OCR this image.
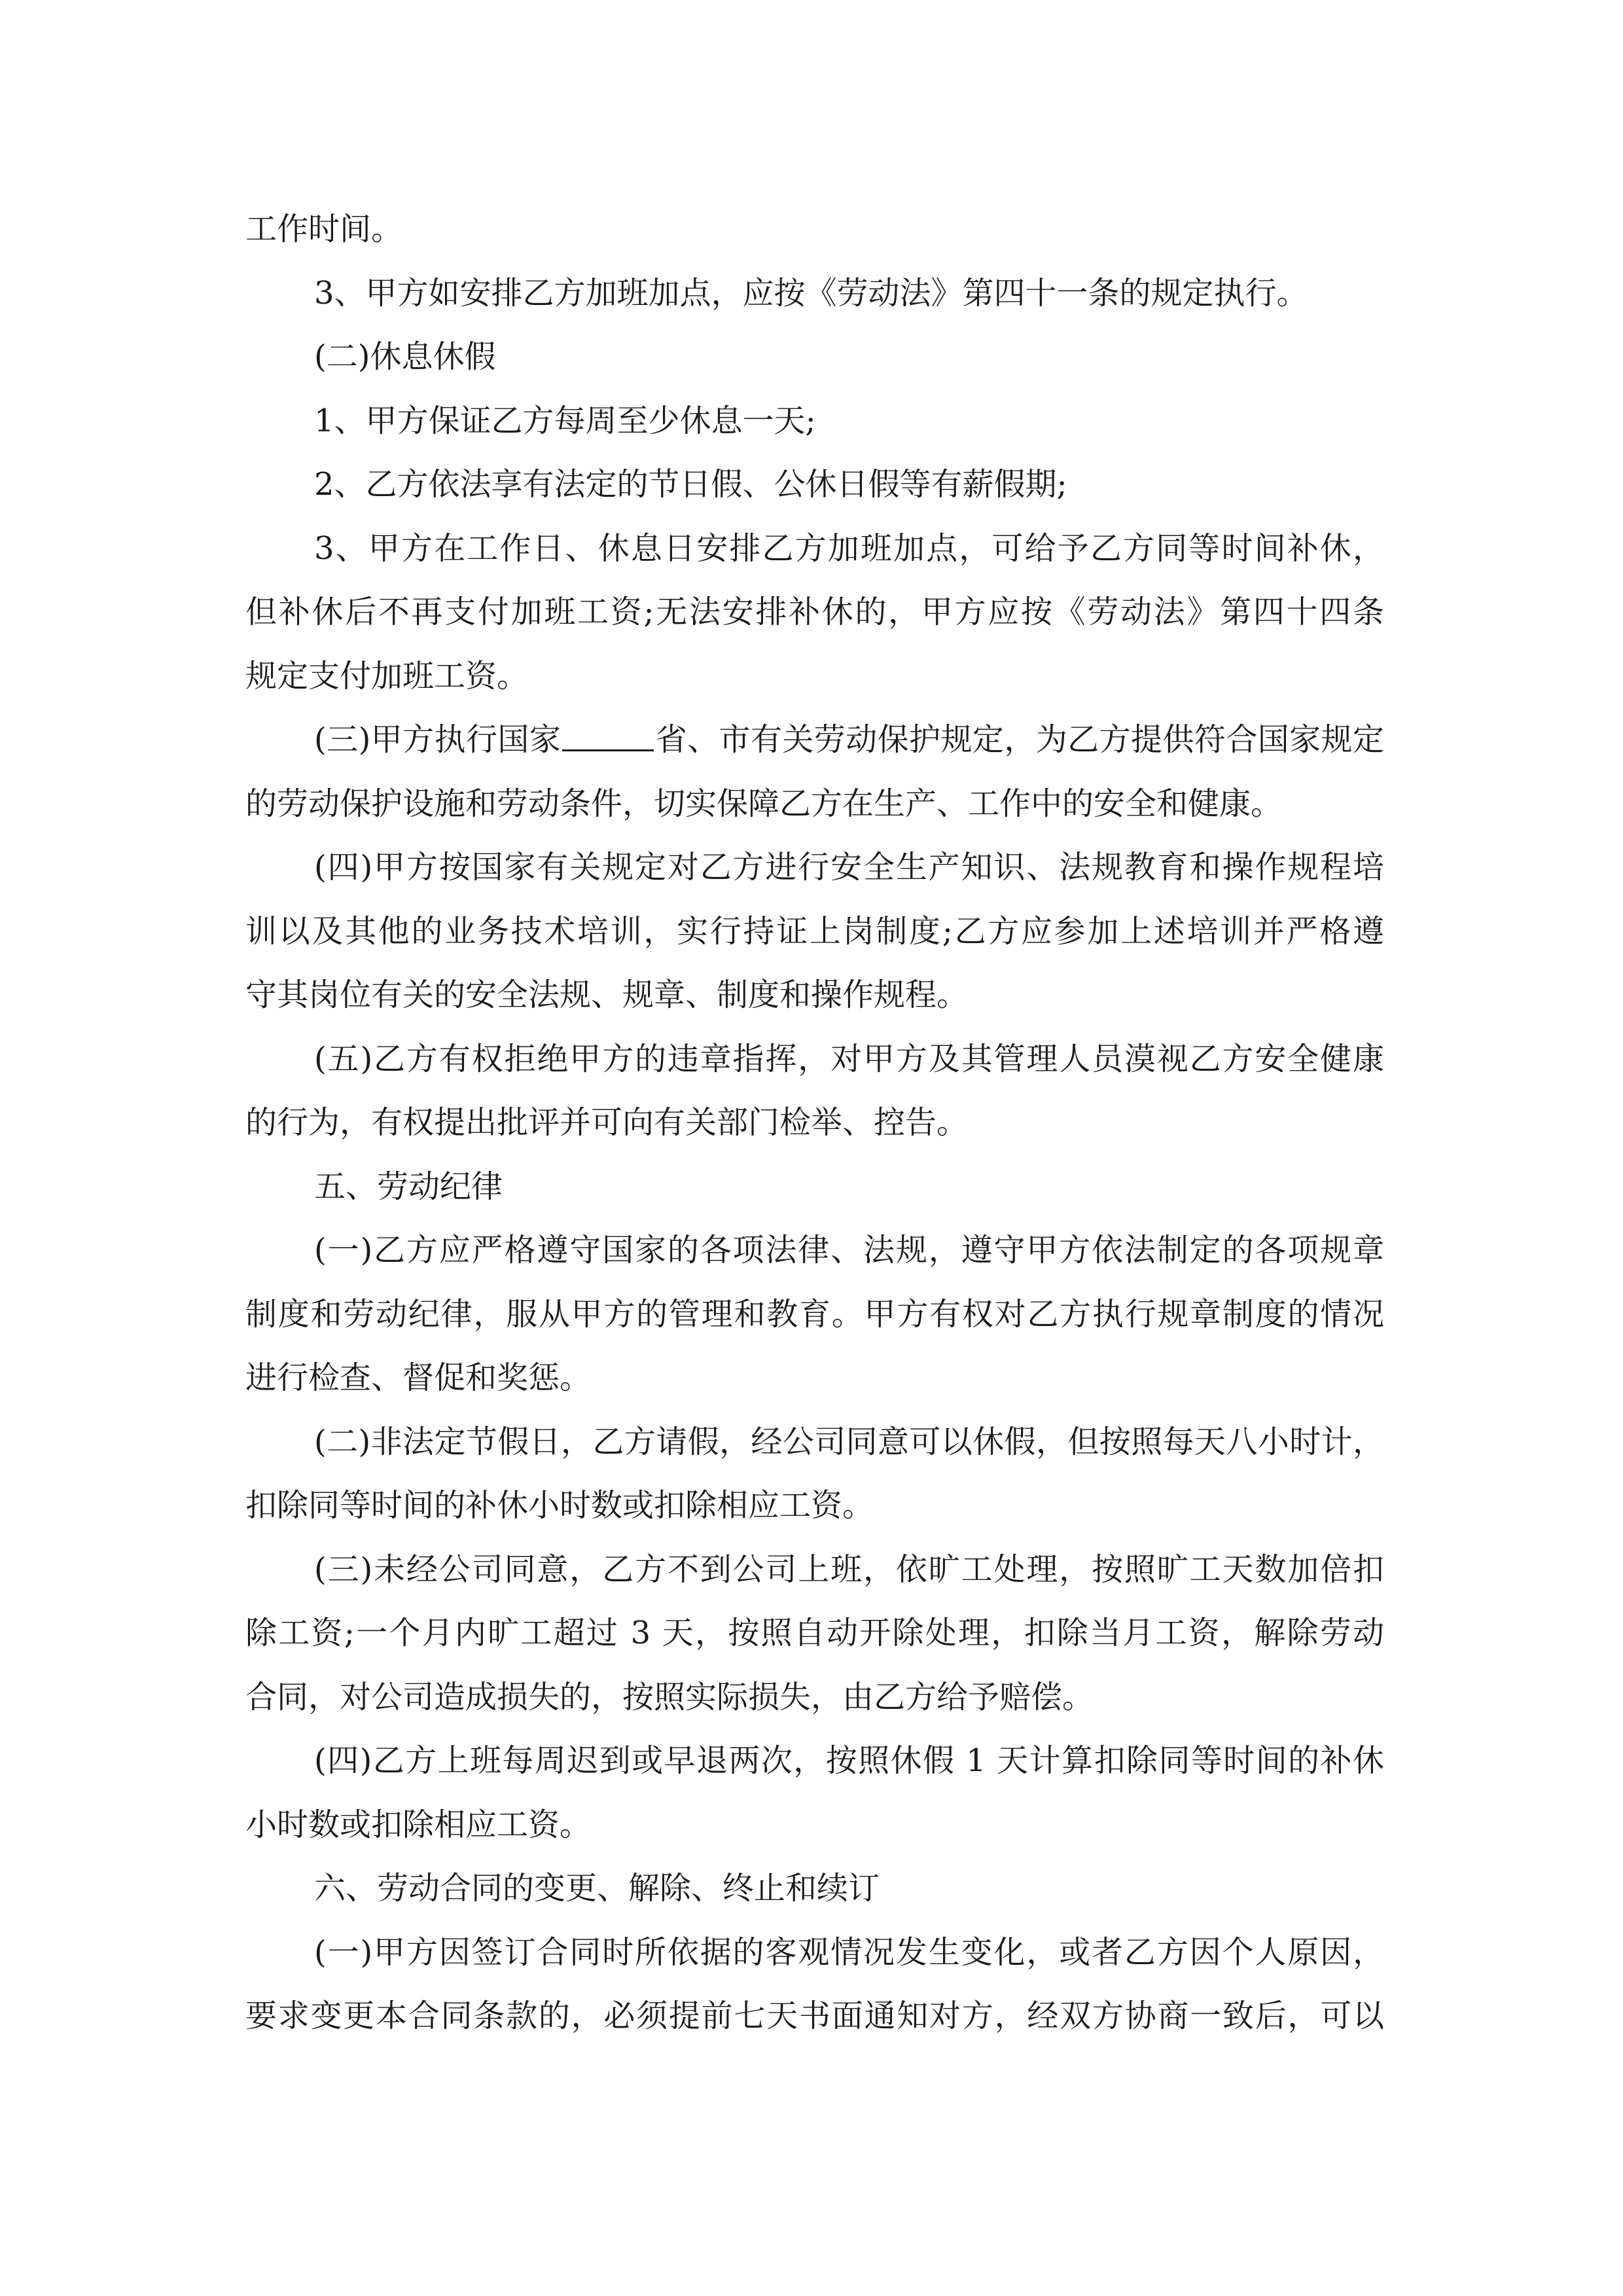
工作时间。
3、甲方如安排乙方加班加点，应按《劳动法》第四十一条的规定执行。
(二)休息休假
1、甲方保证乙方每周至少休息一天;
2、乙方依法享有法定的节日假、公休日假等有薪假期;
3、甲方在工作日、休息日安排乙方加班加点，可给予乙方同等时间补休，
但补休后不再支付加班工资;无法安排补休的，甲方应按《劳动法》第四十四条
规定支付加班工资。
(三)甲方执行国家	省、市有关劳动保护规定，为乙方提供符合国家规定
的劳动保护设施和劳动条件，切实保障乙方在生产、工作中的安全和健康。
(四)甲方按国家有关规定对乙方进行安全生产知识、法规教育和操作规程培
训以及其他的业务技术培训，实行持证上岗制度;乙方应参加上述培训并严格遵
守其岗位有关的安全法规、规章、制度和操作规程。
(五)乙方有权拒绝甲方的违章指挥，对甲方及其管理人员漠视乙方安全健康
的行为，有权提出批评并可向有关部门检举、控告。
五、劳动纪律
(一)乙方应严格遵守国家的各项法律、法规，遵守甲方依法制定的各项规章
制度和劳动纪律，服从甲方的管理和教育。甲方有权对乙方执行规章制度的情况
进行检查、督促和奖惩。
(二)非法定节假日，乙方请假，经公司同意可以休假，但按照每天八小时计，
扣除同等时间的补休小时数或扣除相应工资。
(三)未经公司同意，乙方不到公司上班，依旷工处理，按照旷工天数加倍扣
除工资;一个月内旷工超过 3 天，按照自动开除处理，扣除当月工资，解除劳动
合同，对公司造成损失的，按照实际损失，由乙方给予赔偿。
(四)乙方上班每周迟到或早退两次，按照休假 1 天计算扣除同等时间的补休
小时数或扣除相应工资。
六、劳动合同的变更、解除、终止和续订
(一)甲方因签订合同时所依据的客观情况发生变化，或者乙方因个人原因，
要求变更本合同条款的，必须提前七天书面通知对方，经双方协商一致后，可以
